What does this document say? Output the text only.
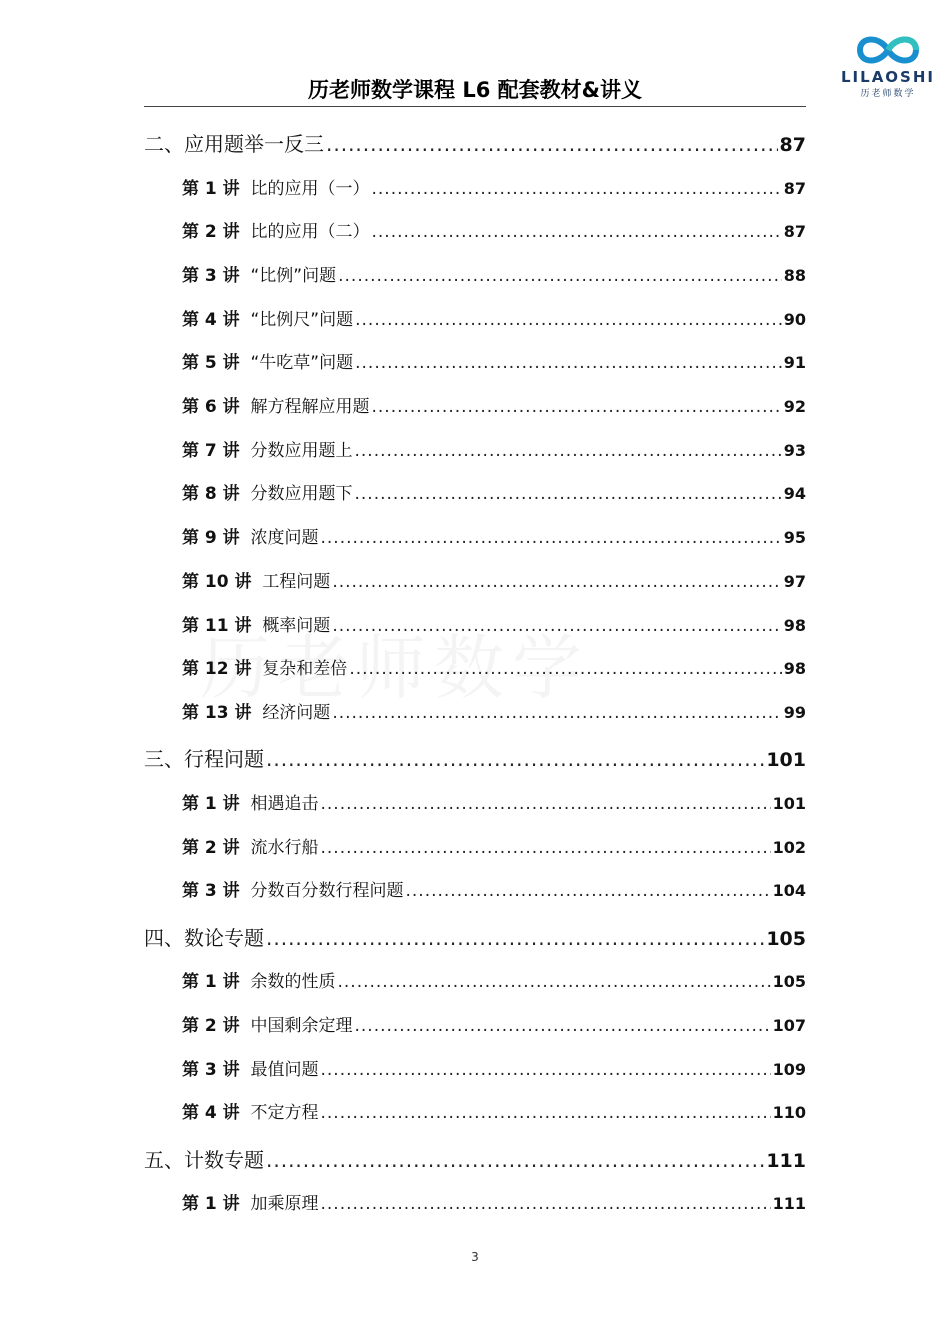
LILAOSHI
历老师数学
历老师数学课程 L6 配套教材&讲义
二、应用题举一反三 .....	87
第 1 讲 比的应用（一） .....	87
第 2 讲 比的应用（二） .....	87
第 3 讲 “比例”问题 .....	88
第 4 讲 “比例尺”问题 .....	90
第 5 讲 “牛吃草”问题 .....	91
第 6 讲 解方程解应用题 .....	92
第 7 讲 分数应用题上 .....	93
第 8 讲 分数应用题下 .....	94
第 9 讲 浓度问题 .....	95
第 10 讲 工程问题 .....	97
第 11 讲 概率问题 .....	98
第 12 讲 复杂和差倍 .....	98
第 13 讲 经济问题 .....	99
三、行程问题 .....	101
第 1 讲 相遇追击 .....	101
第 2 讲 流水行船 .....	102
第 3 讲 分数百分数行程问题 .....	104
四、数论专题 .....	105
第 1 讲 余数的性质 .....	105
第 2 讲 中国剩余定理 .....	107
第 3 讲 最值问题 .....	109
第 4 讲 不定方程 .....	110
五、计数专题 .....	111
第 1 讲 加乘原理 .....	111
3
